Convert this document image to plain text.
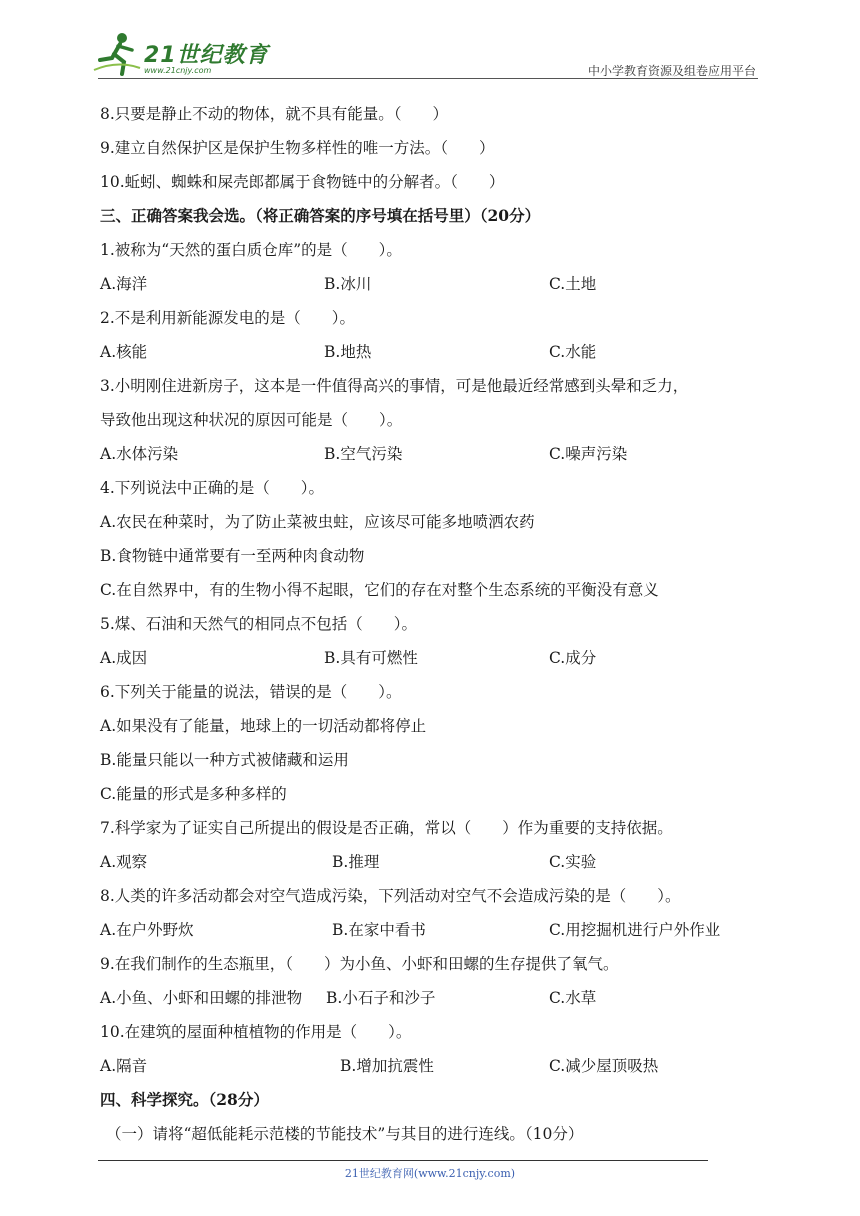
21世纪教育
www.21cnjy.com	中小学教育资源及组卷应用平台
8.只要是静止不动的物体，就不具有能量。（　　）
9.建立自然保护区是保护生物多样性的唯一方法。（　　）
10.蚯蚓、蜘蛛和屎壳郎都属于食物链中的分解者。（　　）
三、正确答案我会选。（将正确答案的序号填在括号里）（20分）
1.被称为“天然的蛋白质仓库”的是（　　）。
A.海洋	B.冰川	C.土地
2.不是利用新能源发电的是（　　）。
A.核能	B.地热	C.水能
3.小明刚住进新房子，这本是一件值得高兴的事情，可是他最近经常感到头晕和乏力，
导致他出现这种状况的原因可能是（　　）。
A.水体污染	B.空气污染	C.噪声污染
4.下列说法中正确的是（　　）。
A.农民在种菜时，为了防止菜被虫蛀，应该尽可能多地喷洒农药
B.食物链中通常要有一至两种肉食动物
C.在自然界中，有的生物小得不起眼，它们的存在对整个生态系统的平衡没有意义
5.煤、石油和天然气的相同点不包括（　　）。
A.成因	B.具有可燃性	C.成分
6.下列关于能量的说法，错误的是（　　）。
A.如果没有了能量，地球上的一切活动都将停止
B.能量只能以一种方式被储藏和运用
C.能量的形式是多种多样的
7.科学家为了证实自己所提出的假设是否正确，常以（　　）作为重要的支持依据。
A.观察	B.推理	C.实验
8.人类的许多活动都会对空气造成污染，下列活动对空气不会造成污染的是（　　）。
A.在户外野炊	B.在家中看书	C.用挖掘机进行户外作业
9.在我们制作的生态瓶里，（　　）为小鱼、小虾和田螺的生存提供了氧气。
A.小鱼、小虾和田螺的排泄物 B.小石子和沙子	C.水草
10.在建筑的屋面种植植物的作用是（　　）。
A.隔音	B.增加抗震性	C.减少屋顶吸热
四、科学探究。（28分）
（一）请将“超低能耗示范楼的节能技术”与其目的进行连线。（10分）
21世纪教育网(www.21cnjy.com)
